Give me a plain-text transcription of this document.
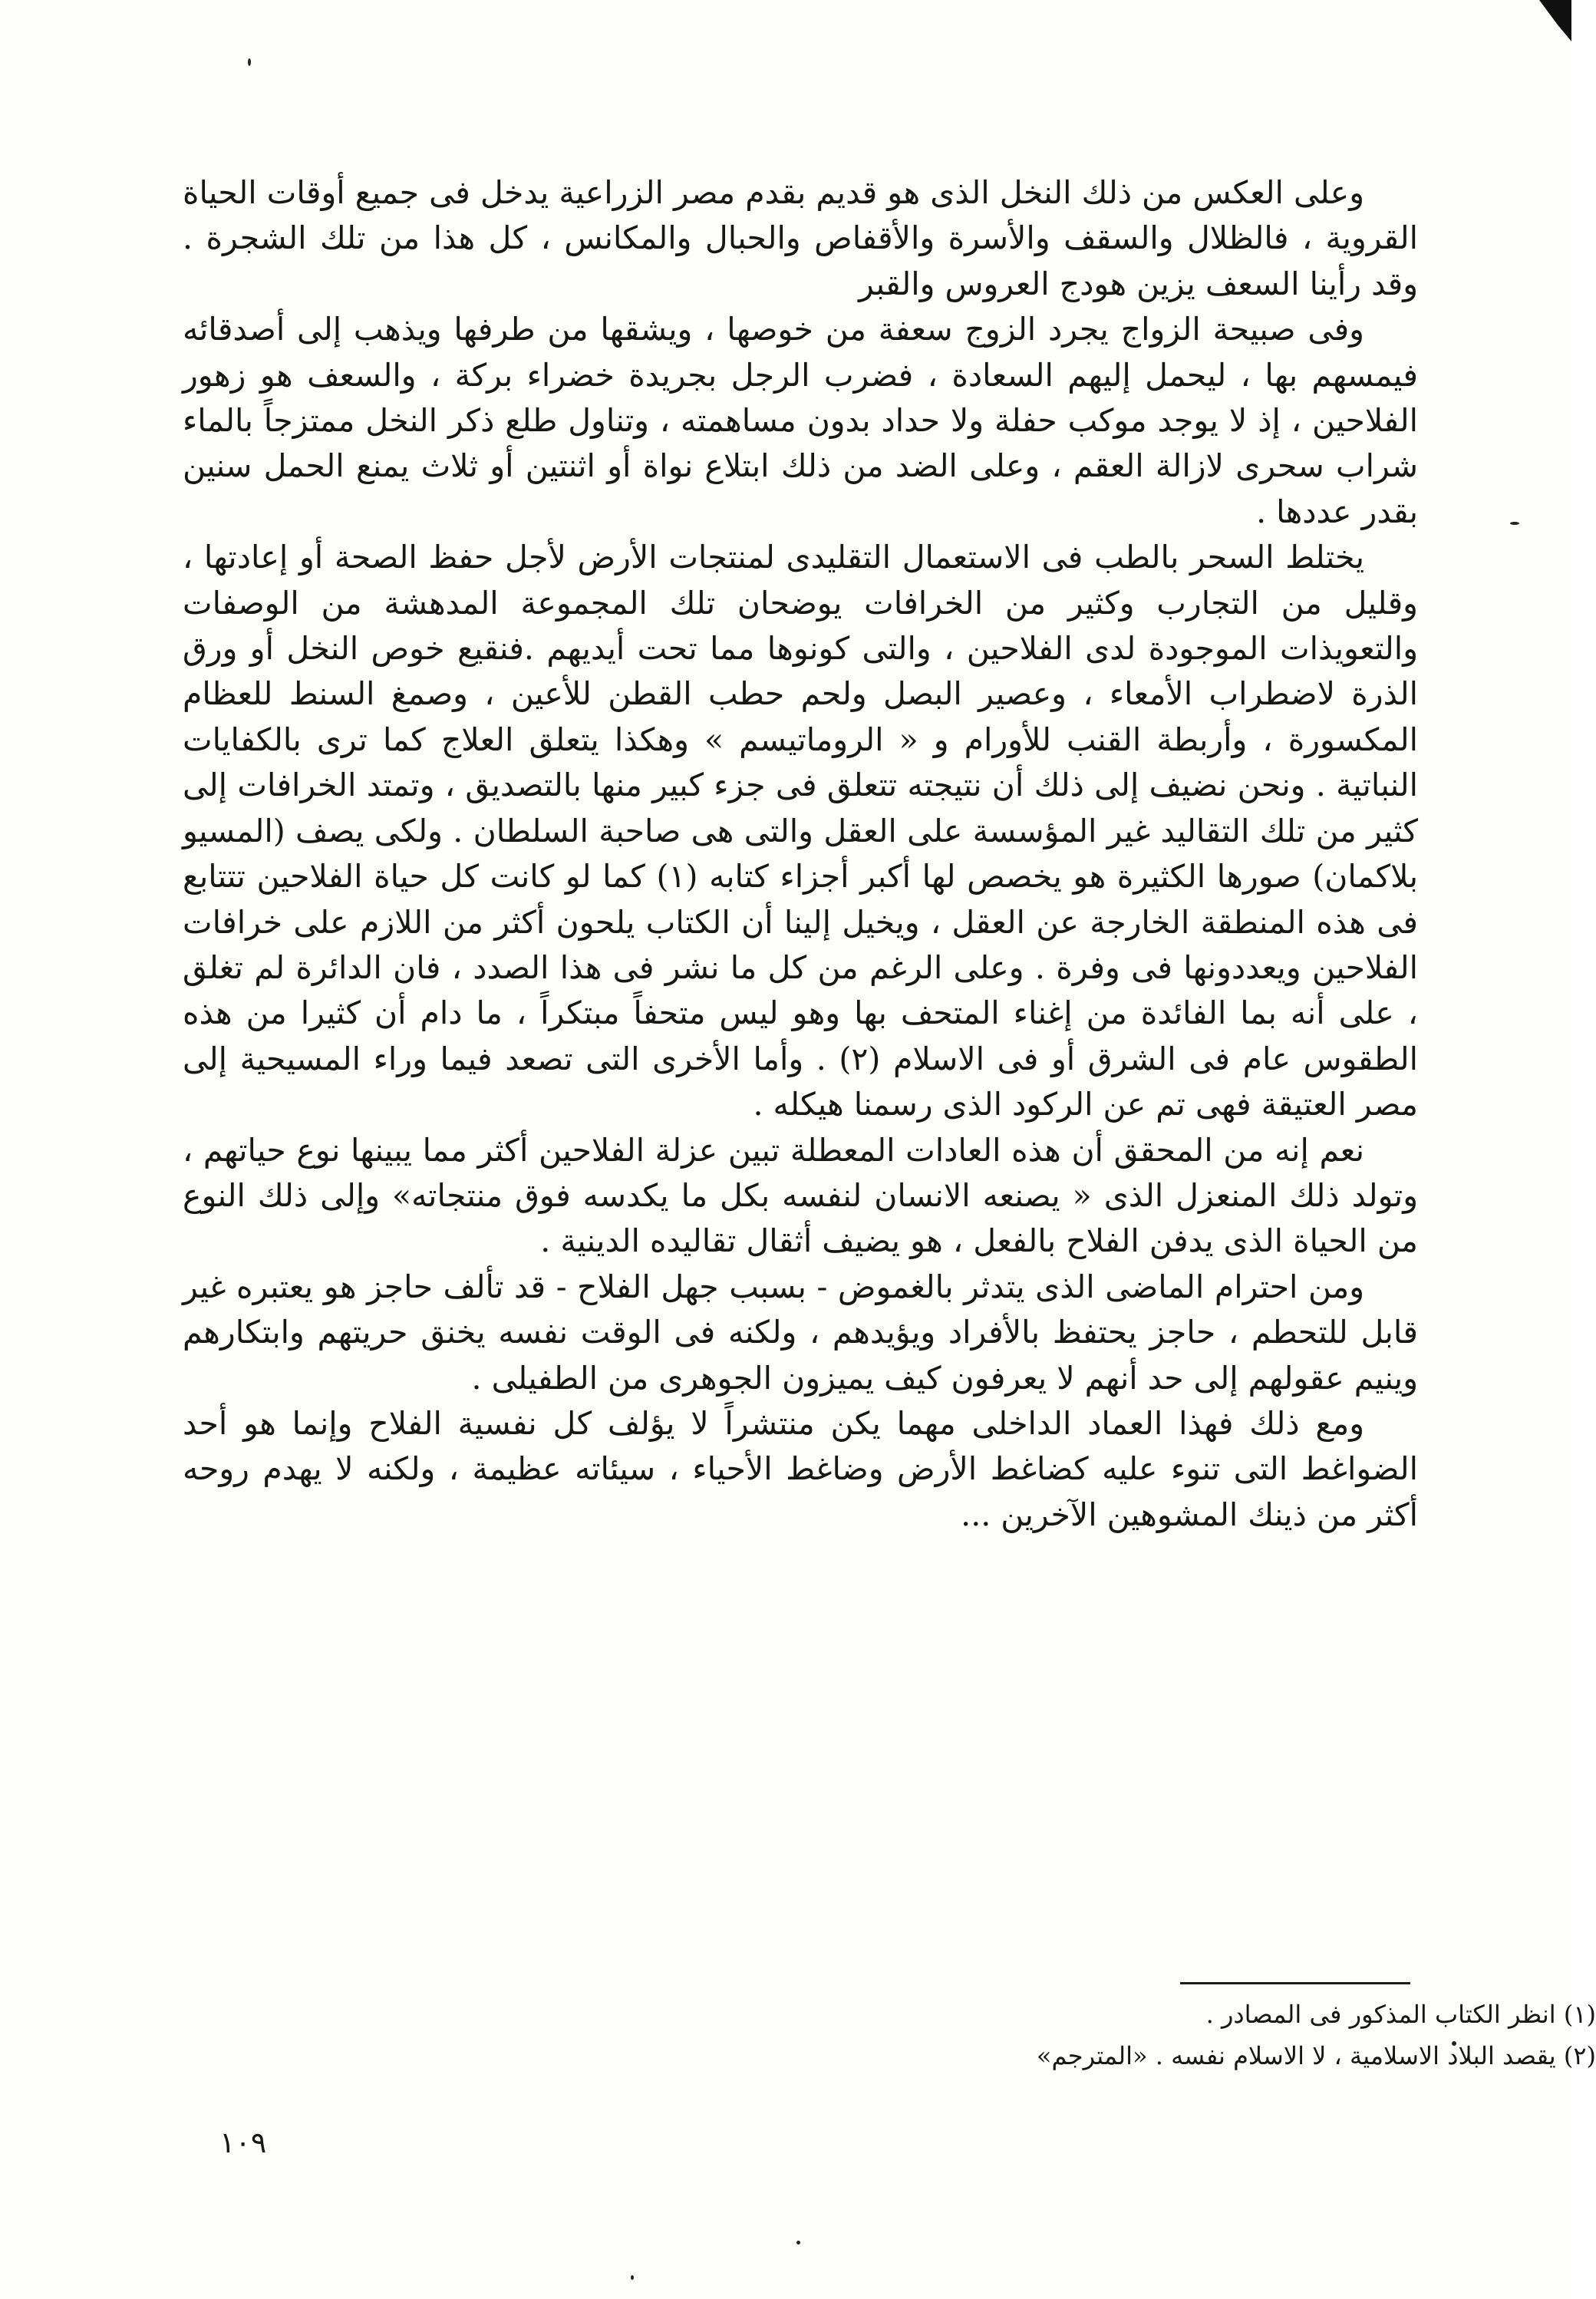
وعلى العكس من ذلك النخل الذى هو قديم بقدم مصر الزراعية يدخل فى جميع أوقات الحياة القروية ، فالظلال والسقف والأسرة والأقفاص والحبال والمكانس ، كل هذا من تلك الشجرة . وقد رأينا السعف يزين هودج العروس والقبر

وفى صبيحة الزواج يجرد الزوج سعفة من خوصها ، ويشقها من طرفها ويذهب إلى أصدقائه فيمسهم بها ، ليحمل إليهم السعادة ، فضرب الرجل بجريدة خضراء بركة ، والسعف هو زهور الفلاحين ، إذ لا يوجد موكب حفلة ولا حداد بدون مساهمته ، وتناول طلع ذكر النخل ممتزجاً بالماء شراب سحرى لازالة العقم ، وعلى الضد من ذلك ابتلاع نواة أو اثنتين أو ثلاث يمنع الحمل سنين بقدر عددها .

يختلط السحر بالطب فى الاستعمال التقليدى لمنتجات الأرض لأجل حفظ الصحة أو إعادتها ، وقليل من التجارب وكثير من الخرافات يوضحان تلك المجموعة المدهشة من الوصفات والتعويذات الموجودة لدى الفلاحين ، والتى كونوها مما تحت أيديهم .فنقيع خوص النخل أو ورق الذرة لاضطراب الأمعاء ، وعصير البصل ولحم حطب القطن للأعين ، وصمغ السنط للعظام المكسورة ، وأربطة القنب للأورام و « الروماتيسم » وهكذا يتعلق العلاج كما ترى بالكفايات النباتية . ونحن نضيف إلى ذلك أن نتيجته تتعلق فى جزء كبير منها بالتصديق ، وتمتد الخرافات إلى كثير من تلك التقاليد غير المؤسسة على العقل والتى هى صاحبة السلطان . ولكى يصف (المسيو بلاكمان) صورها الكثيرة هو يخصص لها أكبر أجزاء كتابه (١) كما لو كانت كل حياة الفلاحين تتتابع فى هذه المنطقة الخارجة عن العقل ، ويخيل إلينا أن الكتاب يلحون أكثر من اللازم على خرافات الفلاحين ويعددونها فى وفرة . وعلى الرغم من كل ما نشر فى هذا الصدد ، فان الدائرة لم تغلق ، على أنه بما الفائدة من إغناء المتحف بها وهو ليس متحفاً مبتكراً ، ما دام أن كثيرا من هذه الطقوس عام فى الشرق أو فى الاسلام (٢) . وأما الأخرى التى تصعد فيما وراء المسيحية إلى مصر العتيقة فهى تم عن الركود الذى رسمنا هيكله .

نعم إنه من المحقق أن هذه العادات المعطلة تبين عزلة الفلاحين أكثر مما يبينها نوع حياتهم ، وتولد ذلك المنعزل الذى « يصنعه الانسان لنفسه بكل ما يكدسه فوق منتجاته» وإلى ذلك النوع من الحياة الذى يدفن الفلاح بالفعل ، هو يضيف أثقال تقاليده الدينية .

ومن احترام الماضى الذى يتدثر بالغموض - بسبب جهل الفلاح - قد تألف حاجز هو يعتبره غير قابل للتحطم ، حاجز يحتفظ بالأفراد ويؤيدهم ، ولكنه فى الوقت نفسه يخنق حريتهم وابتكارهم وينيم عقولهم إلى حد أنهم لا يعرفون كيف يميزون الجوهرى من الطفيلى .

ومع ذلك فهذا العماد الداخلى مهما يكن منتشراً لا يؤلف كل نفسية الفلاح وإنما هو أحد الضواغط التى تنوء عليه كضاغط الأرض وضاغط الأحياء ، سيئاته عظيمة ، ولكنه لا يهدم روحه أكثر من ذينك المشوهين الآخرين ...

(١) انظر الكتاب المذكور فى المصادر .
(٢) يقصد البلاد الاسلامية ، لا الاسلام نفسه . «المترجم»
١٠٩
